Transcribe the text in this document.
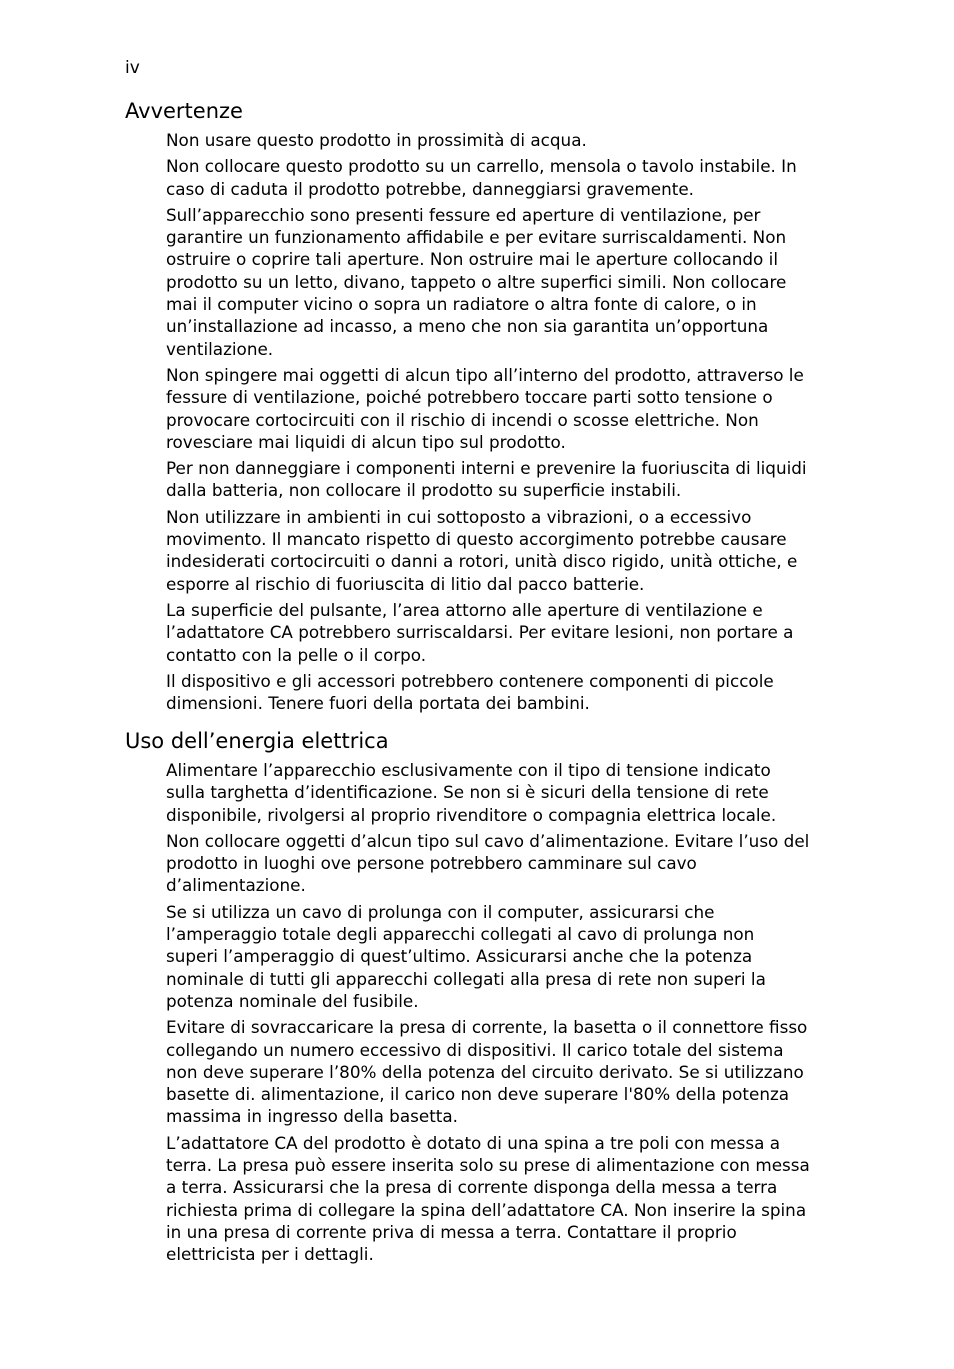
iv
Avvertenze

Non usare questo prodotto in prossimità di acqua.

Non collocare questo prodotto su un carrello, mensola o tavolo instabile. In caso di caduta il prodotto potrebbe, danneggiarsi gravemente.

Sull’apparecchio sono presenti fessure ed aperture di ventilazione, per garantire un funzionamento affidabile e per evitare surriscaldamenti. Non ostruire o coprire tali aperture. Non ostruire mai le aperture collocando il prodotto su un letto, divano, tappeto o altre superfici simili. Non collocare mai il computer vicino o sopra un radiatore o altra fonte di calore, o in un’installazione ad incasso, a meno che non sia garantita un’opportuna ventilazione.

Non spingere mai oggetti di alcun tipo all’interno del prodotto, attraverso le fessure di ventilazione, poiché potrebbero toccare parti sotto tensione o provocare cortocircuiti con il rischio di incendi o scosse elettriche. Non rovesciare mai liquidi di alcun tipo sul prodotto.

Per non danneggiare i componenti interni e prevenire la fuoriuscita di liquidi dalla batteria, non collocare il prodotto su superficie instabili.

Non utilizzare in ambienti in cui sottoposto a vibrazioni, o a eccessivo movimento. Il mancato rispetto di questo accorgimento potrebbe causare indesiderati cortocircuiti o danni a rotori, unità disco rigido, unità ottiche, e esporre al rischio di fuoriuscita di litio dal pacco batterie.

La superficie del pulsante, l’area attorno alle aperture di ventilazione e l’adattatore CA potrebbero surriscaldarsi. Per evitare lesioni, non portare a contatto con la pelle o il corpo.

Il dispositivo e gli accessori potrebbero contenere componenti di piccole dimensioni. Tenere fuori della portata dei bambini.

Uso dell’energia elettrica

Alimentare l’apparecchio esclusivamente con il tipo di tensione indicato sulla targhetta d’identificazione. Se non si è sicuri della tensione di rete disponibile, rivolgersi al proprio rivenditore o compagnia elettrica locale.

Non collocare oggetti d’alcun tipo sul cavo d’alimentazione. Evitare l’uso del prodotto in luoghi ove persone potrebbero camminare sul cavo d’alimentazione.

Se si utilizza un cavo di prolunga con il computer, assicurarsi che l’amperaggio totale degli apparecchi collegati al cavo di prolunga non superi l’amperaggio di quest’ultimo. Assicurarsi anche che la potenza nominale di tutti gli apparecchi collegati alla presa di rete non superi la potenza nominale del fusibile.

Evitare di sovraccaricare la presa di corrente, la basetta o il connettore fisso collegando un numero eccessivo di dispositivi. Il carico totale del sistema non deve superare l’80% della potenza del circuito derivato. Se si utilizzano basette di. alimentazione, il carico non deve superare l'80% della potenza massima in ingresso della basetta.

L’adattatore CA del prodotto è dotato di una spina a tre poli con messa a terra. La presa può essere inserita solo su prese di alimentazione con messa a terra. Assicurarsi che la presa di corrente disponga della messa a terra richiesta prima di collegare la spina dell’adattatore CA. Non inserire la spina in una presa di corrente priva di messa a terra. Contattare il proprio elettricista per i dettagli.
